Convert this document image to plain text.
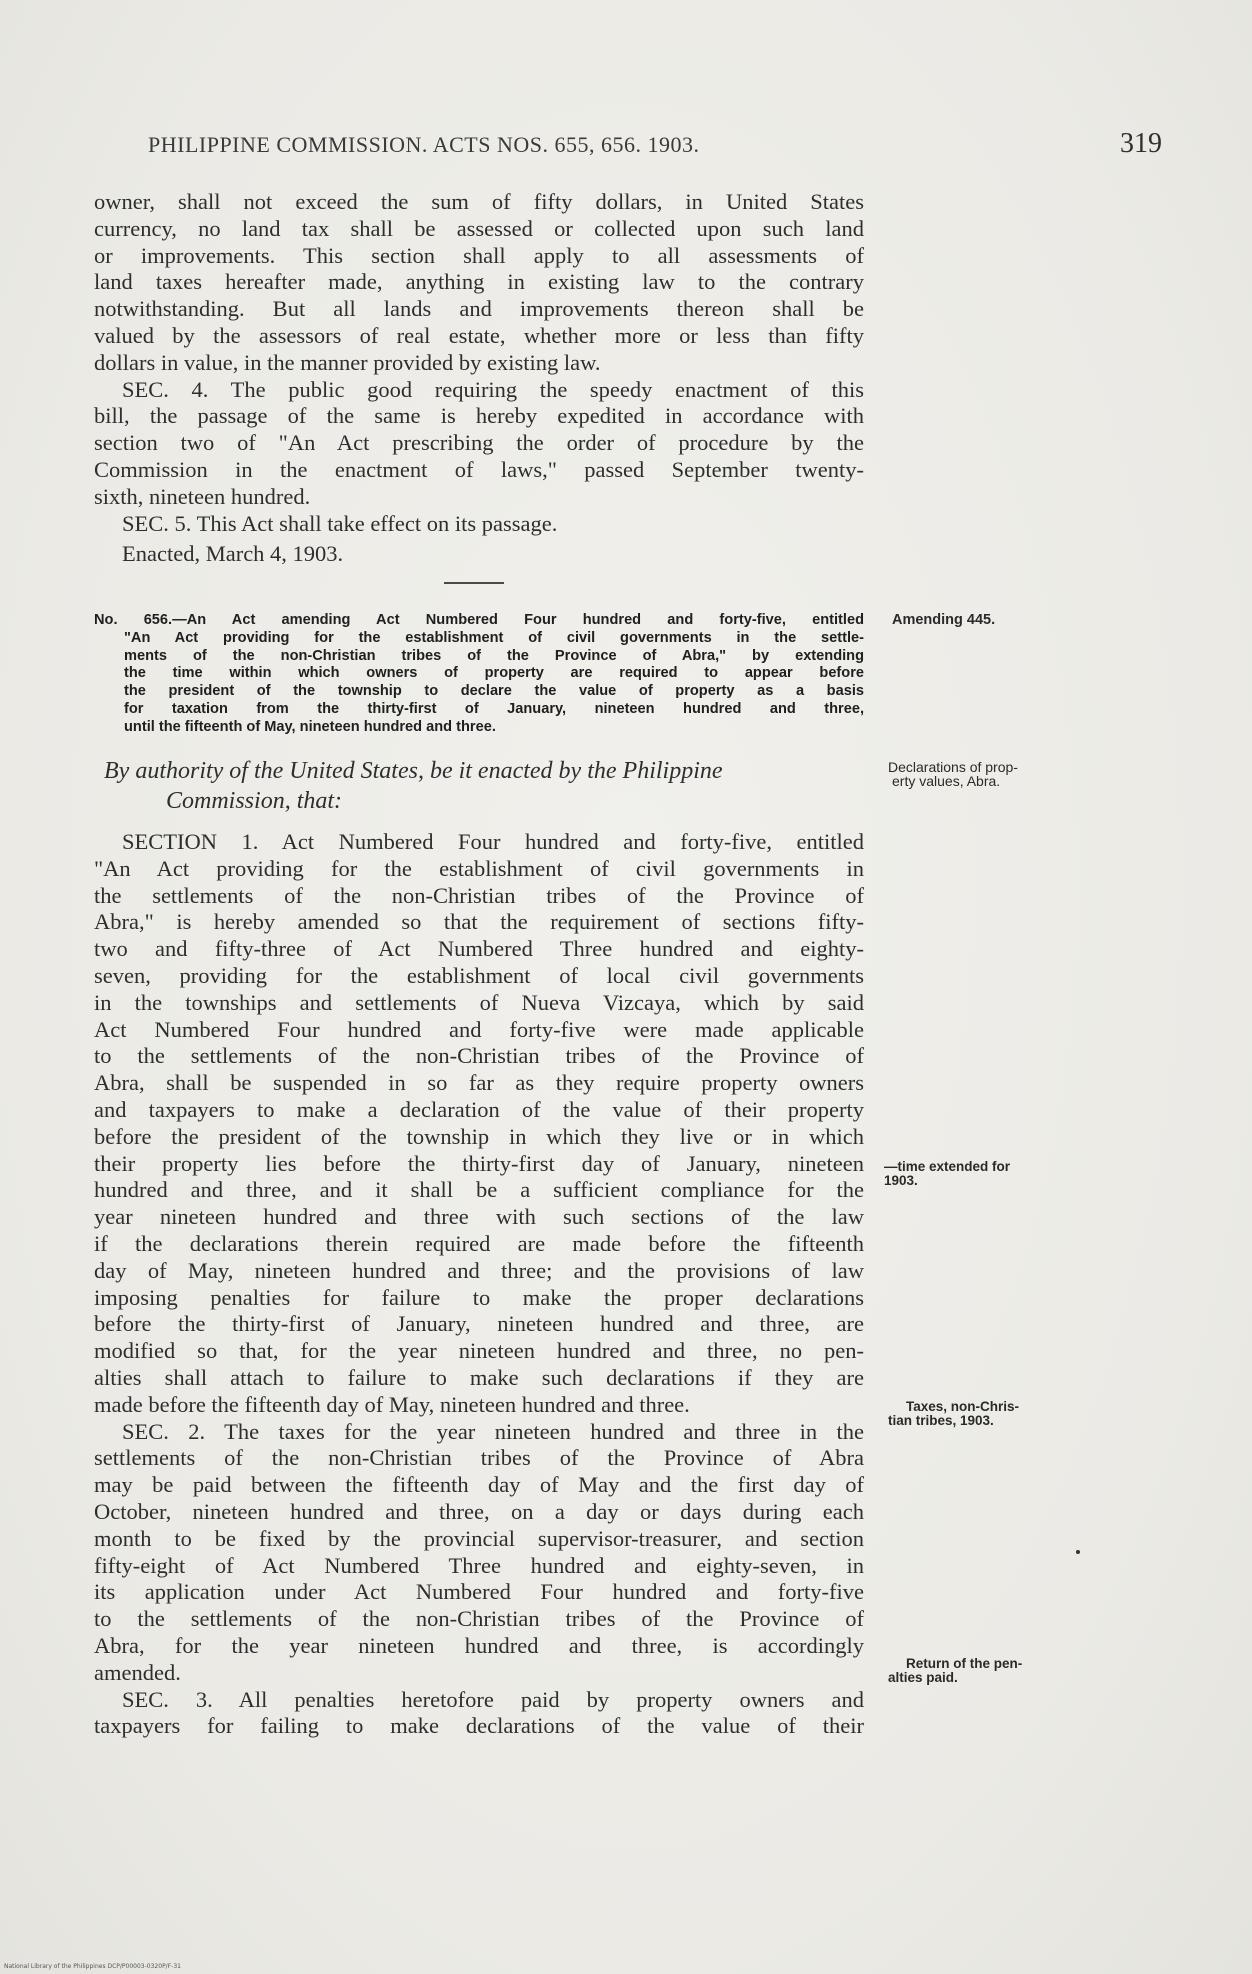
PHILIPPINE COMMISSION. ACTS NOS. 655, 656. 1903.	319
owner, shall not exceed the sum of fifty dollars, in United States
currency, no land tax shall be assessed or collected upon such land
or improvements. This section shall apply to all assessments of
land taxes hereafter made, anything in existing law to the contrary
notwithstanding. But all lands and improvements thereon shall be
valued by the assessors of real estate, whether more or less than fifty
dollars in value, in the manner provided by existing law.
SEC. 4. The public good requiring the speedy enactment of this
bill, the passage of the same is hereby expedited in accordance with
section two of "An Act prescribing the order of procedure by the
Commission in the enactment of laws," passed September twenty-
sixth, nineteen hundred.
SEC. 5. This Act shall take effect on its passage.
Enacted, March 4, 1903.
No. 656.—An Act amending Act Numbered Four hundred and forty-five, entitled
"An Act providing for the establishment of civil governments in the settle-
ments of the non-Christian tribes of the Province of Abra," by extending
the time within which owners of property are required to appear before
the president of the township to declare the value of property as a basis
for taxation from the thirty-first of January, nineteen hundred and three,
until the fifteenth of May, nineteen hundred and three.
By authority of the United States, be it enacted by the Philippine
Commission, that:
SECTION 1. Act Numbered Four hundred and forty-five, entitled
"An Act providing for the establishment of civil governments in
the settlements of the non-Christian tribes of the Province of
Abra," is hereby amended so that the requirement of sections fifty-
two and fifty-three of Act Numbered Three hundred and eighty-
seven, providing for the establishment of local civil governments
in the townships and settlements of Nueva Vizcaya, which by said
Act Numbered Four hundred and forty-five were made applicable
to the settlements of the non-Christian tribes of the Province of
Abra, shall be suspended in so far as they require property owners
and taxpayers to make a declaration of the value of their property
before the president of the township in which they live or in which
their property lies before the thirty-first day of January, nineteen
hundred and three, and it shall be a sufficient compliance for the
year nineteen hundred and three with such sections of the law
if the declarations therein required are made before the fifteenth
day of May, nineteen hundred and three; and the provisions of law
imposing penalties for failure to make the proper declarations
before the thirty-first of January, nineteen hundred and three, are
modified so that, for the year nineteen hundred and three, no pen-
alties shall attach to failure to make such declarations if they are
made before the fifteenth day of May, nineteen hundred and three.
SEC. 2. The taxes for the year nineteen hundred and three in the
settlements of the non-Christian tribes of the Province of Abra
may be paid between the fifteenth day of May and the first day of
October, nineteen hundred and three, on a day or days during each
month to be fixed by the provincial supervisor-treasurer, and section
fifty-eight of Act Numbered Three hundred and eighty-seven, in
its application under Act Numbered Four hundred and forty-five
to the settlements of the non-Christian tribes of the Province of
Abra, for the year nineteen hundred and three, is accordingly
amended.
SEC. 3. All penalties heretofore paid by property owners and
taxpayers for failing to make declarations of the value of their
Amending 445.
Declarations of prop-
erty values, Abra.
—time extended for
1903.
Taxes, non-Chris-
tian tribes, 1903.
Return of the pen-
alties paid.
National Library of the Philippines DCP/P00003-0320P/F-31
